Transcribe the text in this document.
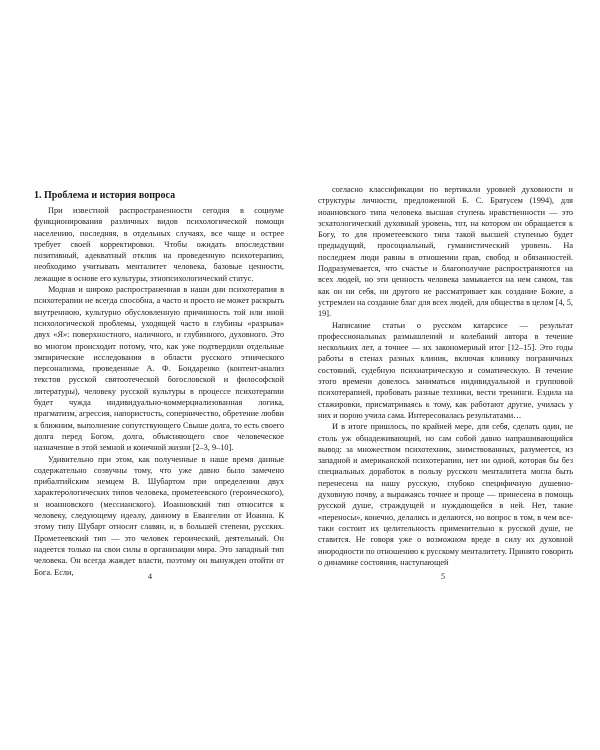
1. Проблема и история вопроса

При известной распространенности сегодня в социуме функционирования различных видов психологической помощи населению, последняя, в отдельных случаях, все чаще и острее требует своей корректировки. Чтобы ожидать впоследствии позитивный, адекватный отклик на проведенную психотерапию, необходимо учитывать менталитет человека, базовые ценности, лежащие в основе его культуры, этнопсихологический статус.

Модная и широко распространенная в наши дни психотерапия в психотерапии не всегда способна, а часто и просто не может раскрыть внутреннюю, культурно обусловленную причинность той или иной психологической проблемы, уходящей часто в глубины «разрыва» двух «Я»: поверхностного, наличного, и глубинного, духовного. Это во многом происходит потому, что, как уже подтвердили отдельные эмпирические исследования в области русского этнического персонализма, проведенные А. Ф. Бондаренко (контент-анализ текстов русской святоотеческой богословской и философской литературы), человеку русской культуры в процессе психотерапии будет чужда индивидуально-коммерциализованная логика, прагматизм, агрессия, напористость, соперничество, обретение любви к ближним, выполнение сопутствующего Свыше долга, то есть своего долга перед Богом, долга, объясняющего свое человеческое назначение в этой земной и конечной жизни [2–3, 9–10].

Удивительно при этом, как полученные в наше время данные содержательно созвучны тому, что уже давно было замечено прибалтийским немцем В. Шубартом при определении двух характерологических типов человека, прометеевского (героического), и иоанновского (мессианского). Иоанновский тип относится к человеку, следующему идеалу, данному в Евангелии от Иоанна. К этому типу Шубарт относит славян, и, в большей степени, русских. Прометеевский тип — это человек героический, деятельный. Он надеется только на свои силы в организации мира. Это западный тип человека. Он всегда жаждет власти, поэтому он вынужден отойти от Бога. Если,

согласно классификации по вертикали уровней духовности и структуры личности, предложенной Б. С. Братусем (1994), для иоанновского типа человека высшая ступень нравственности — это эсхатологический духовный уровень, тот, на котором он обращается к Богу, то для прометеевского типа такой высшей ступенью будет предыдущий, просоциальный, гуманистический уровень. На последнем люди равны в отношении прав, свобод и обязанностей. Подразумевается, что счастье и благополучие распространяются на всех людей, но эти ценность человека замыкается на нем самом, так как он ни себя, ни другого не рассматривает как создание Божие, а устремлен на создание благ для всех людей, для общества в целом [4, 5, 19].

Написание статьи о русском катарсисе — результат профессиональных размышлений и колебаний автора в течение нескольких лет, а точнее — их закономерный итог [12–15]. Это годы работы в стенах разных клиник, включая клинику пограничных состояний, судебную психиатрическую и соматическую. В течение этого времени довелось заниматься индивидуальной и групповой психотерапией, пробовать разные техники, вести тренинги. Ездила на стажировки, присматриваясь к тому, как работают другие, училась у них и порою учила сама. Интересовалась результатами…

И в итоге пришлось, по крайней мере, для себя, сделать один, не столь уж обнадеживающий, но сам собой давно напрашивающийся вывод: за множеством психотехник, заимствованных, разумеется, из западной и американской психотерапии, нет ни одной, которая бы без специальных доработок в пользу русского менталитета могла быть перенесена на нашу русскую, глубоко специфичную душевно-духовную почву, а выражаясь точнее и проще — принесена в помощь русской душе, страждущей и нуждающейся в ней. Нет, такие «переносы», конечно, делались и делаются, но вопрос в том, в чем все-таки состоит их целительность применительно к русской душе, не ставится. Не говоря уже о возможном вреде в силу их духовной инородности по отношению к русскому менталитету. Принято говорить о динамике состояния, наступающей

4	5
